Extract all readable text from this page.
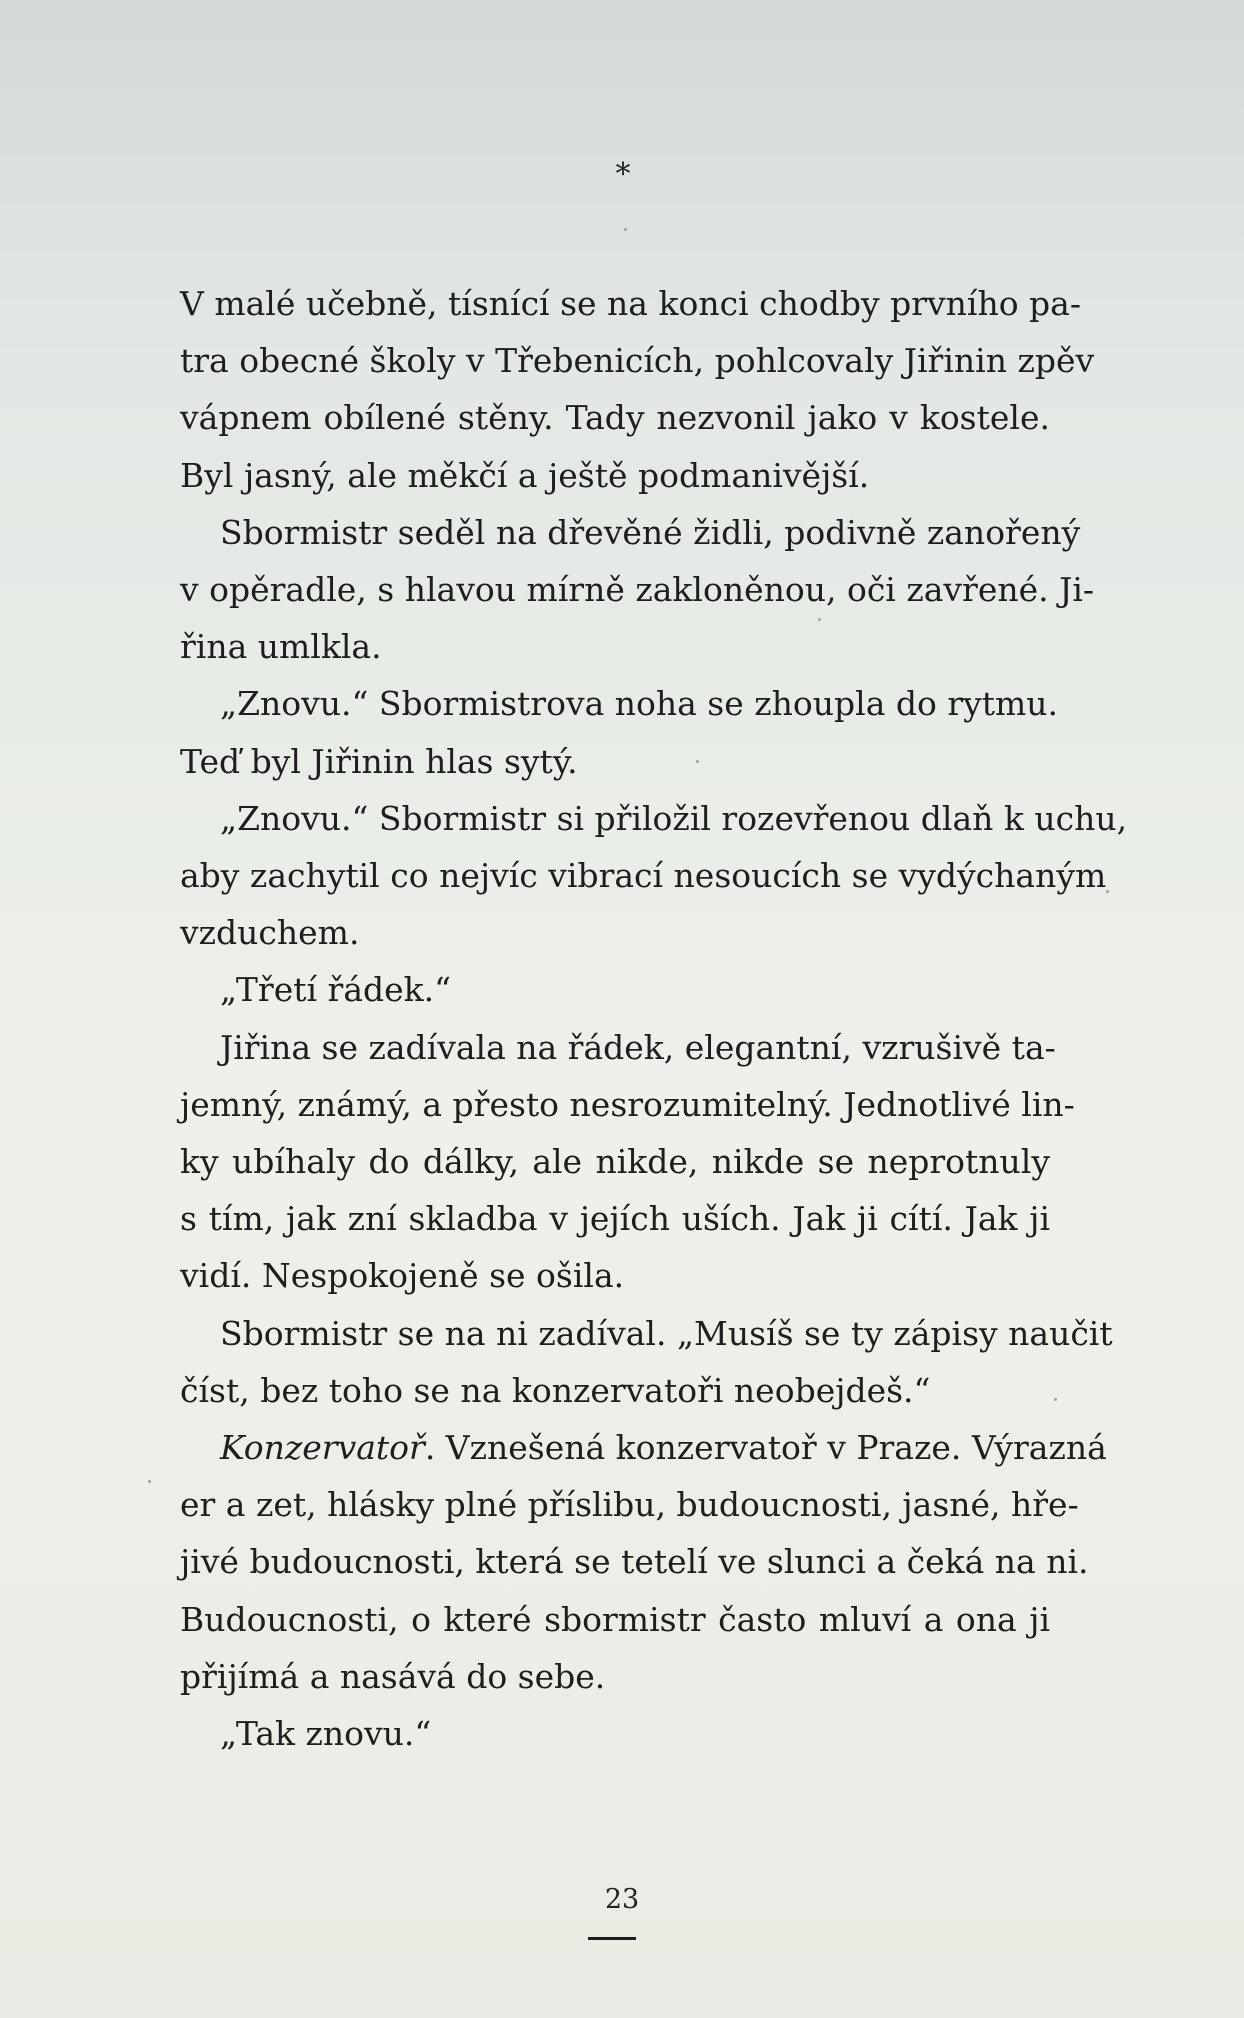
*
V malé učebně, tísnící se na konci chodby prvního pa-
tra obecné školy v Třebenicích, pohlcovaly Jiřinin zpěv
vápnem obílené stěny. Tady nezvonil jako v kostele.
Byl jasný, ale měkčí a ještě podmanivější.
Sbormistr seděl na dřevěné židli, podivně zanořený
v opěradle, s hlavou mírně zakloněnou, oči zavřené. Ji-
řina umlkla.
„Znovu.“ Sbormistrova noha se zhoupla do rytmu.
Teď byl Jiřinin hlas sytý.
„Znovu.“ Sbormistr si přiložil rozevřenou dlaň k uchu,
aby zachytil co nejvíc vibrací nesoucích se vydýchaným
vzduchem.
„Třetí řádek.“
Jiřina se zadívala na řádek, elegantní, vzrušivě ta-
jemný, známý, a přesto nesrozumitelný. Jednotlivé lin-
ky ubíhaly do dálky, ale nikde, nikde se neprotnuly
s tím, jak zní skladba v jejích uších. Jak ji cítí. Jak ji
vidí. Nespokojeně se ošila.
Sbormistr se na ni zadíval. „Musíš se ty zápisy naučit
číst, bez toho se na konzervatoři neobejdeš.“
Konzervatoř. Vznešená konzervatoř v Praze. Výrazná
er a zet, hlásky plné příslibu, budoucnosti, jasné, hře-
jivé budoucnosti, která se tetelí ve slunci a čeká na ni.
Budoucnosti, o které sbormistr často mluví a ona ji
přijímá a nasává do sebe.
„Tak znovu.“
23
